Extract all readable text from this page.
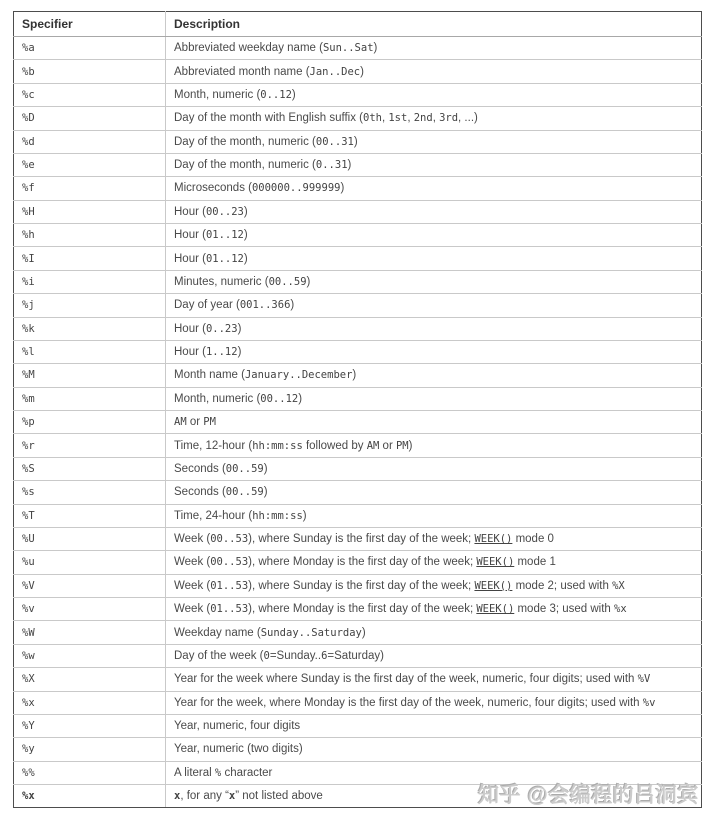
Specifier	Description
%a	Abbreviated weekday name (Sun..Sat)
%b	Abbreviated month name (Jan..Dec)
%c	Month, numeric (0..12)
%D	Day of the month with English suffix (0th, 1st, 2nd, 3rd, ...)
%d	Day of the month, numeric (00..31)
%e	Day of the month, numeric (0..31)
%f	Microseconds (000000..999999)
%H	Hour (00..23)
%h	Hour (01..12)
%I	Hour (01..12)
%i	Minutes, numeric (00..59)
%j	Day of year (001..366)
%k	Hour (0..23)
%l	Hour (1..12)
%M	Month name (January..December)
%m	Month, numeric (00..12)
%p	AM or PM
%r	Time, 12-hour (hh:mm:ss followed by AM or PM)
%S	Seconds (00..59)
%s	Seconds (00..59)
%T	Time, 24-hour (hh:mm:ss)
%U	Week (00..53), where Sunday is the first day of the week; WEEK() mode 0
%u	Week (00..53), where Monday is the first day of the week; WEEK() mode 1
%V	Week (01..53), where Sunday is the first day of the week; WEEK() mode 2; used with %X
%v	Week (01..53), where Monday is the first day of the week; WEEK() mode 3; used with %x
%W	Weekday name (Sunday..Saturday)
%w	Day of the week (0=Sunday..6=Saturday)
%X	Year for the week where Sunday is the first day of the week, numeric, four digits; used with %V
%x	Year for the week, where Monday is the first day of the week, numeric, four digits; used with %v
%Y	Year, numeric, four digits
%y	Year, numeric (two digits)
%%	A literal % character
%x	x, for any “x” not listed above	知乎 @会编程的吕洞宾
